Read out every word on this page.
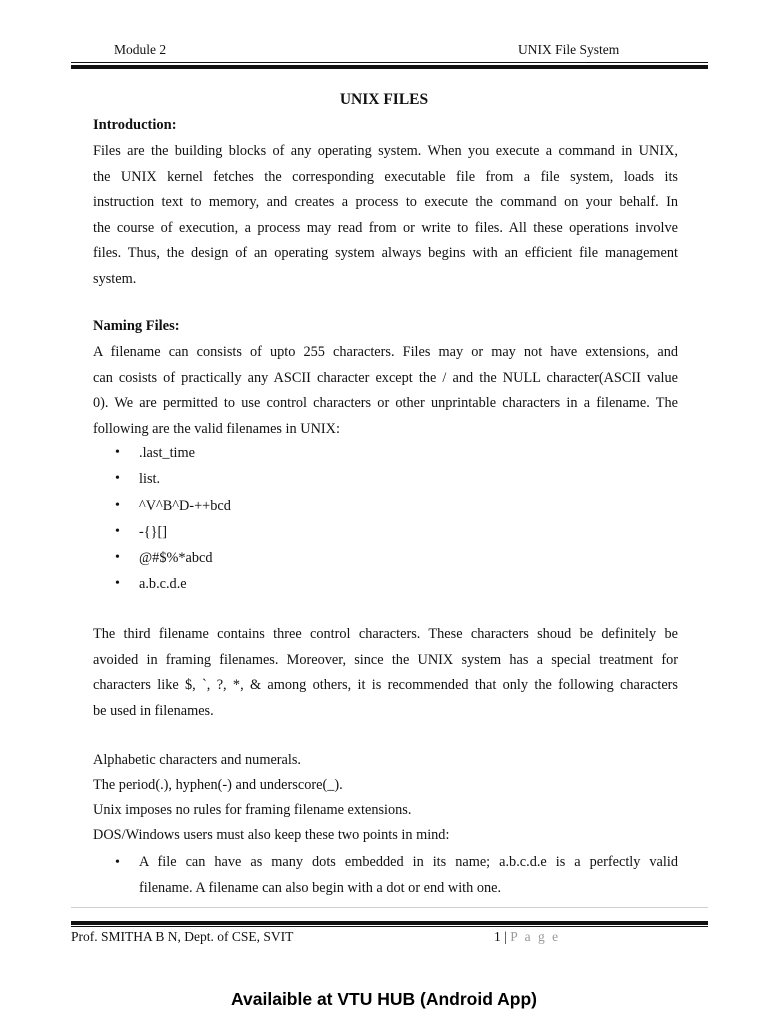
Module 2	UNIX File System
UNIX FILES
Introduction:
Files are the building blocks of any operating system. When you execute a command in UNIX,
the UNIX kernel fetches the corresponding executable file from a file system, loads its
instruction text to memory, and creates a process to execute the command on your behalf. In
the course of execution, a process may read from or write to files. All these operations involve
files. Thus, the design of an operating system always begins with an efficient file management
system.
Naming Files:
A filename can consists of upto 255 characters. Files may or may not have extensions, and
can cosists of practically any ASCII character except the / and the NULL character(ASCII value
0). We are permitted to use control characters or other unprintable characters in a filename. The
following are the valid filenames in UNIX:
• .last_time
• list.
• ^V^B^D-++bcd
• -{}[]
• @#$%*abcd
• a.b.c.d.e
The third filename contains three control characters. These characters shoud be definitely be
avoided in framing filenames. Moreover, since the UNIX system has a special treatment for
characters like $, `, ?, *, & among others, it is recommended that only the following characters
be used in filenames.
Alphabetic characters and numerals.
The period(.), hyphen(-) and underscore(_).
Unix imposes no rules for framing filename extensions.
DOS/Windows users must also keep these two points in mind:
• A file can have as many dots embedded in its name; a.b.c.d.e is a perfectly valid
filename. A filename can also begin with a dot or end with one.
Prof. SMITHA B N, Dept. of CSE, SVIT	1 | P a g e
Availaible at VTU HUB (Android App)
